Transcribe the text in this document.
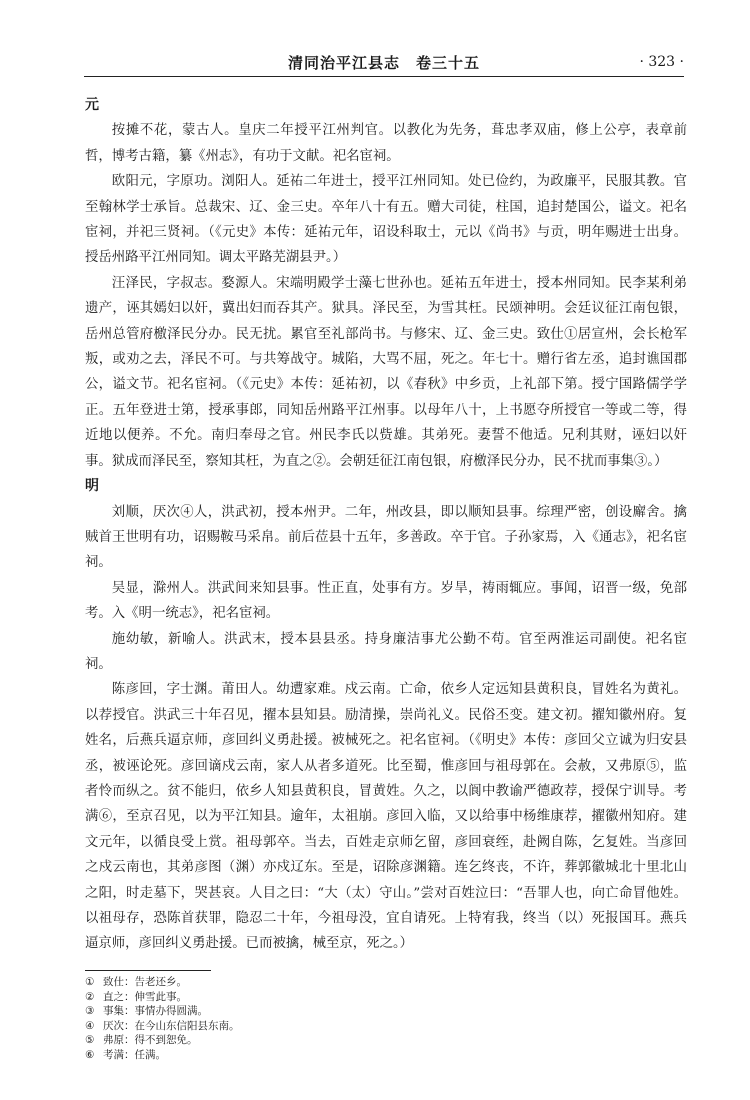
清同治平江县志　卷三十五	· 323 ·
元

按摊不花，蒙古人。皇庆二年授平江州判官。以教化为先务，葺忠孝双庙，修上公亭，表章前哲，博考古籍，纂《州志》，有功于文献。祀名宦祠。

欧阳元，字原功。浏阳人。延祐二年进士，授平江州同知。处已俭约，为政廉平，民服其教。官至翰林学士承旨。总裁宋、辽、金三史。卒年八十有五。赠大司徒，柱国，追封楚国公，谥文。祀名宦祠，并祀三贤祠。（《元史》本传：延祐元年，诏设科取士，元以《尚书》与贡，明年赐进士出身。授岳州路平江州同知。调太平路芜湖县尹。）

汪泽民，字叔志。婺源人。宋端明殿学士藻七世孙也。延祐五年进士，授本州同知。民李某利弟遗产，诬其嫣妇以奸，冀出妇而吞其产。狱具。泽民至，为雪其枉。民颂神明。会廷议征江南包银，岳州总管府檄泽民分办。民无扰。累官至礼部尚书。与修宋、辽、金三史。致仕①居宣州，会长枪军叛，或劝之去，泽民不可。与共筹战守。城陷，大骂不屈，死之。年七十。赠行省左丞，追封谯国郡公，谥文节。祀名宦祠。（《元史》本传：延祐初，以《春秋》中乡贡，上礼部下第。授宁国路儒学学正。五年登进士第，授承事郎，同知岳州路平江州事。以母年八十，上书愿夺所授官一等或二等，得近地以便养。不允。南归奉母之官。州民李氏以赀雄。其弟死。妻誓不他适。兄利其财，诬妇以奸事。狱成而泽民至，察知其枉，为直之②。会朝廷征江南包银，府檄泽民分办，民不扰而事集③。）

明

刘顺，厌次④人，洪武初，授本州尹。二年，州改县，即以顺知县事。综理严密，创设廨舍。擒贼首王世明有功，诏赐鞍马采帛。前后莅县十五年，多善政。卒于官。子孙家焉，入《通志》，祀名宦祠。

吴显，滁州人。洪武间来知县事。性正直，处事有方。岁旱，祷雨辄应。事闻，诏晋一级，免部考。入《明一统志》，祀名宦祠。

施幼敏，新喻人。洪武末，授本县县丞。持身廉洁事尤公勤不苟。官至两淮运司副使。祀名宦祠。

陈彦回，字士渊。莆田人。幼遭家难。戍云南。亡命，依乡人定远知县黄积良，冒姓名为黄礼。以荐授官。洪武三十年召见，擢本县知县。励清操，崇尚礼义。民俗丕变。建文初。擢知徽州府。复姓名，后燕兵逼京师，彦回纠义勇赴援。被械死之。祀名宦祠。（《明史》本传：彦回父立诚为归安县丞，被诬论死。彦回谪戍云南，家人从者多道死。比至蜀，惟彦回与祖母郭在。会赦，又弗原⑤，监者怜而纵之。贫不能归，依乡人知县黄积良，冒黄姓。久之，以阆中教谕严德政荐，授保宁训导。考满⑥，至京召见，以为平江知县。逾年，太祖崩。彦回入临，又以给事中杨维康荐，擢徽州知府。建文元年，以循良受上赏。祖母郭卒。当去，百姓走京师乞留，彦回衰绖，赴阙自陈，乞复姓。当彦回之戍云南也，其弟彦图（渊）亦戍辽东。至是，诏除彦渊籍。连乞终丧，不许，葬郭徽城北十里北山之阳，时走墓下，哭甚哀。人目之曰：“大（太）守山。”尝对百姓泣曰：“吾罪人也，向亡命冒他姓。以祖母存，恐陈首获罪，隐忍二十年，今祖母没，宜自请死。上特宥我，终当（以）死报国耳。燕兵逼京师，彦回纠义勇赴援。已而被擒，械至京，死之。）

① 致仕：告老还乡。
② 直之：伸雪此事。
③ 事集：事情办得圆满。
④ 厌次：在今山东信阳县东南。
⑤ 弗原：得不到恕免。
⑥ 考满：任满。
